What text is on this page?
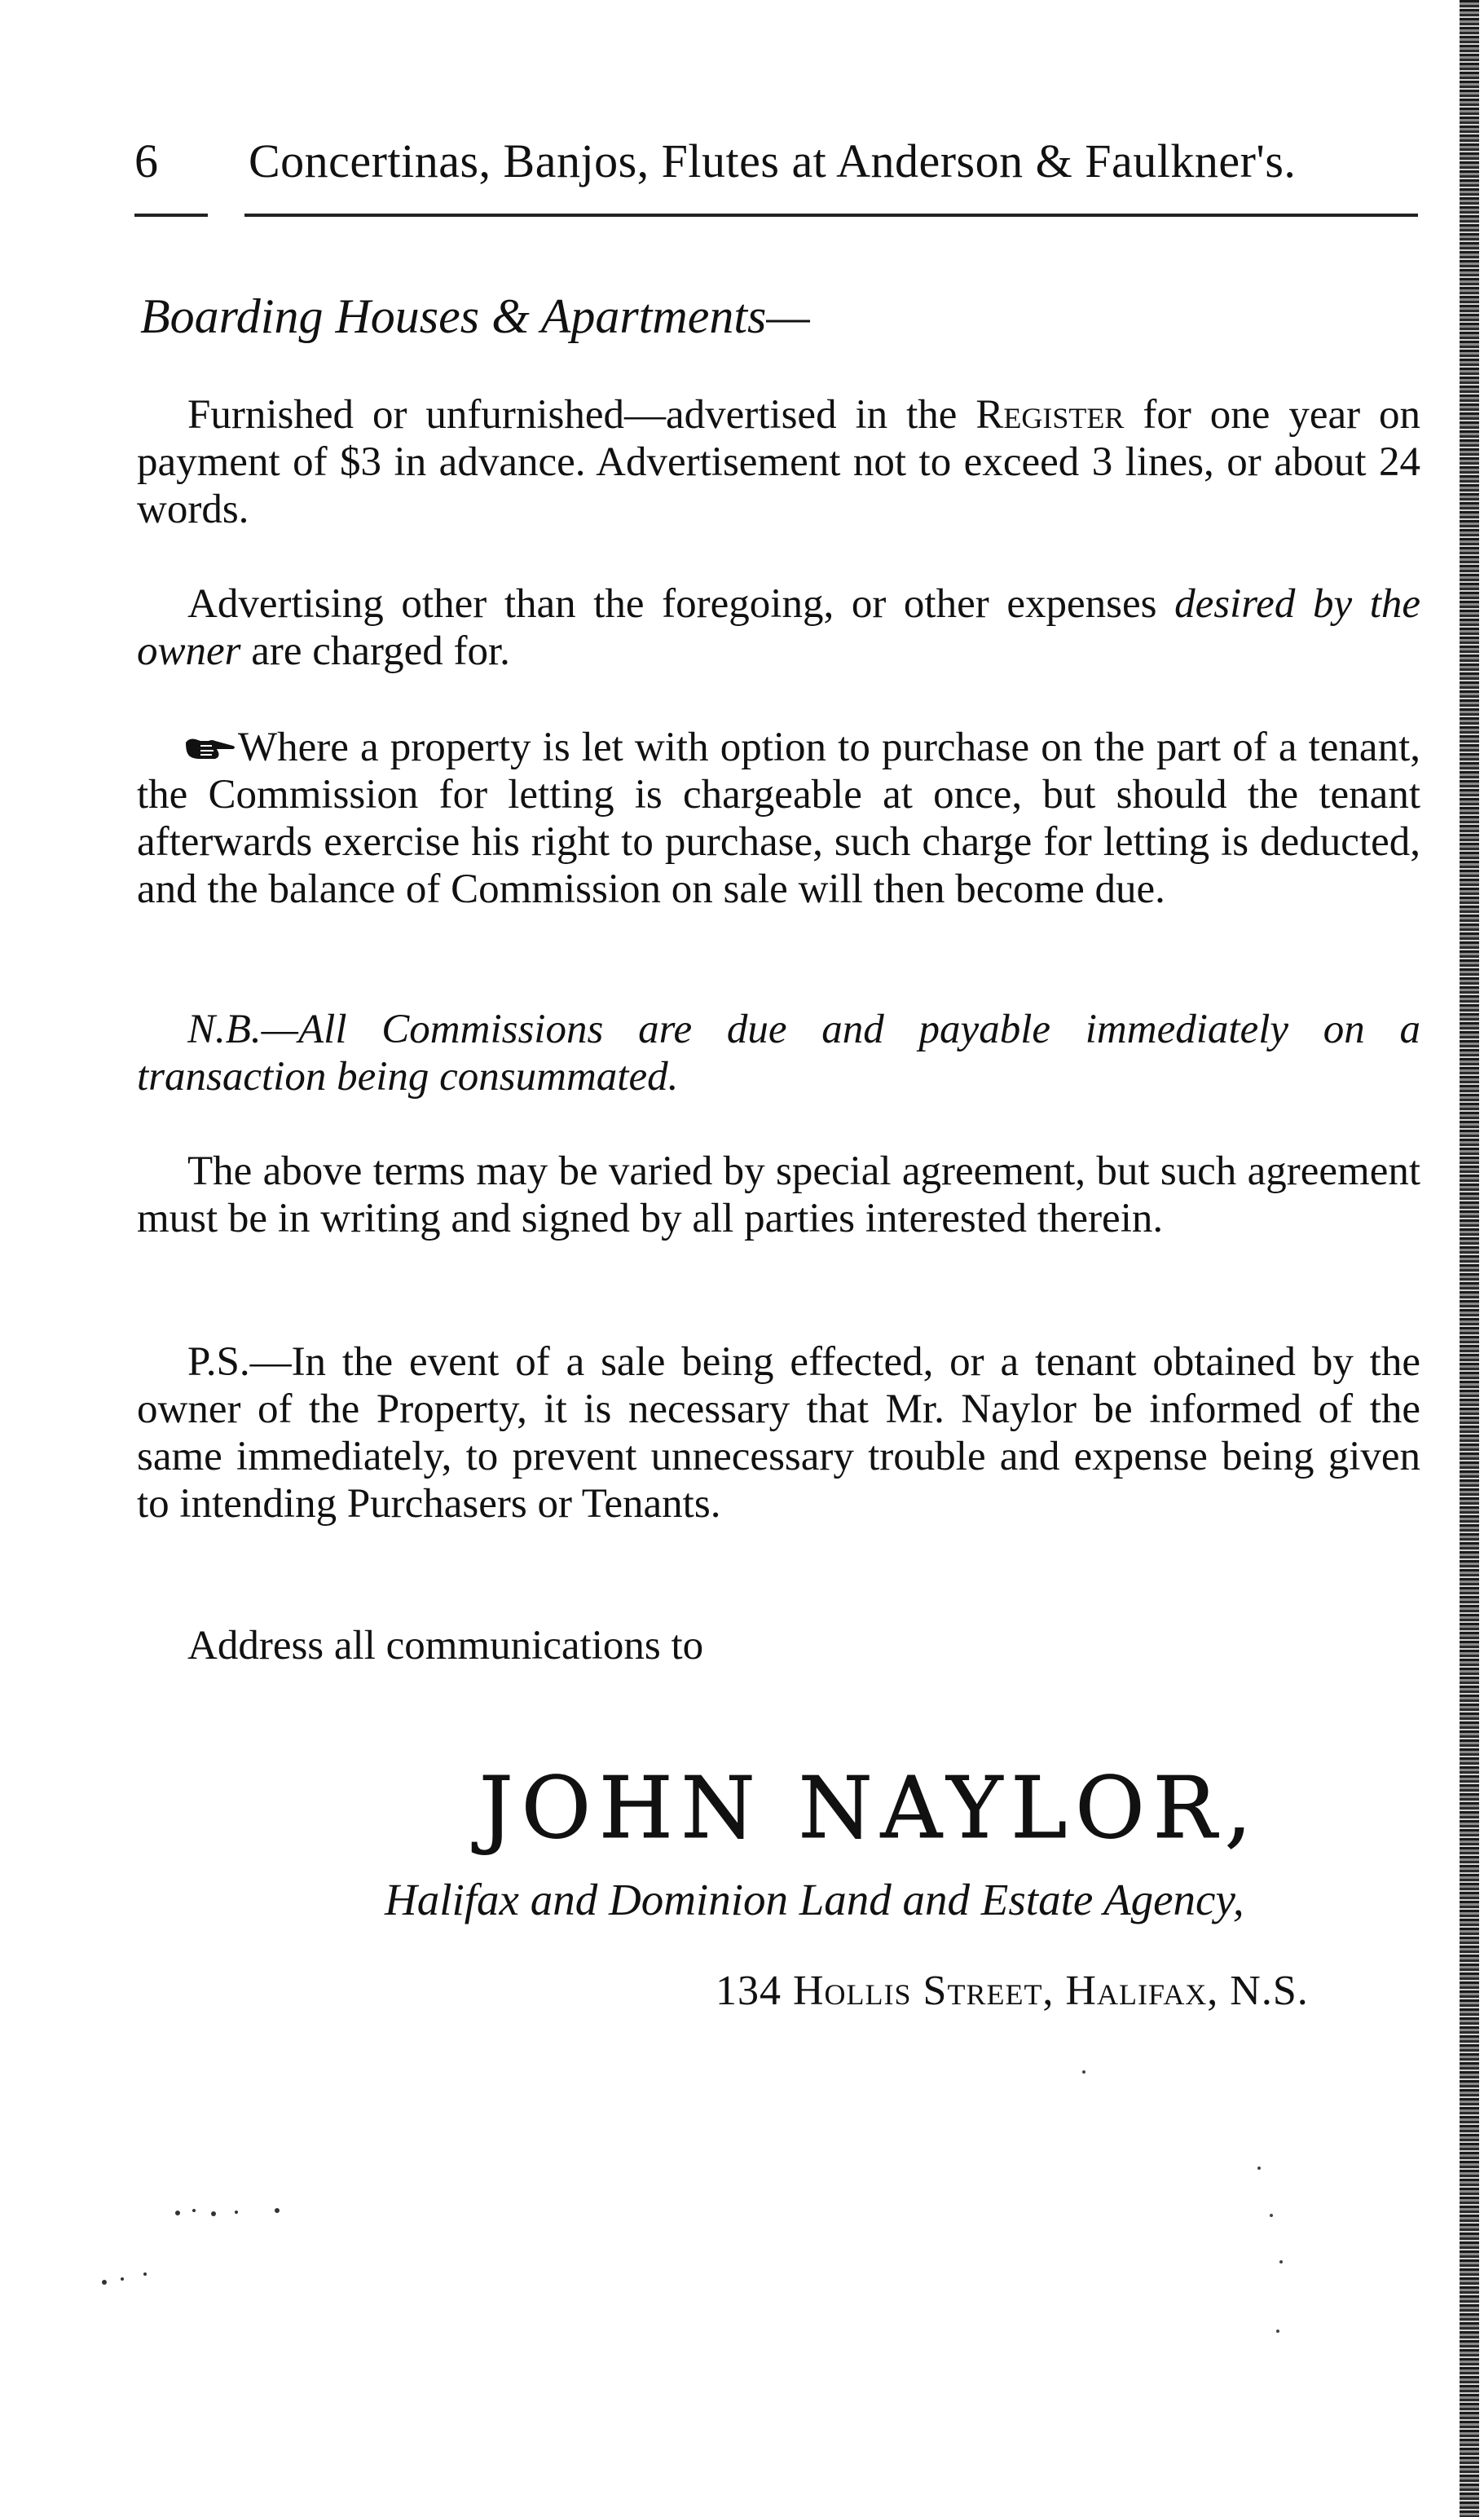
6 Concertinas, Banjos, Flutes at Anderson & Faulkner's.
Boarding Houses & Apartments—
Furnished or unfurnished—advertised in the Register for one year on payment of $3 in advance. Advertisement not to exceed 3 lines, or about 24 words.
Advertising other than the foregoing, or other expenses desired by the owner are charged for.
Where a property is let with option to purchase on the part of a tenant, the Commission for letting is chargeable at once, but should the tenant afterwards exercise his right to purchase, such charge for letting is deducted, and the balance of Commission on sale will then become due.
N.B.—All Commissions are due and payable immediately on a transaction being consummated.
The above terms may be varied by special agreement, but such agreement must be in writing and signed by all parties interested therein.
P.S.—In the event of a sale being effected, or a tenant obtained by the owner of the Property, it is necessary that Mr. Naylor be informed of the same immediately, to prevent unnecessary trouble and expense being given to intending Purchasers or Tenants.
Address all communications to
JOHN NAYLOR,
Halifax and Dominion Land and Estate Agency,
134 Hollis Street, Halifax, N.S.
